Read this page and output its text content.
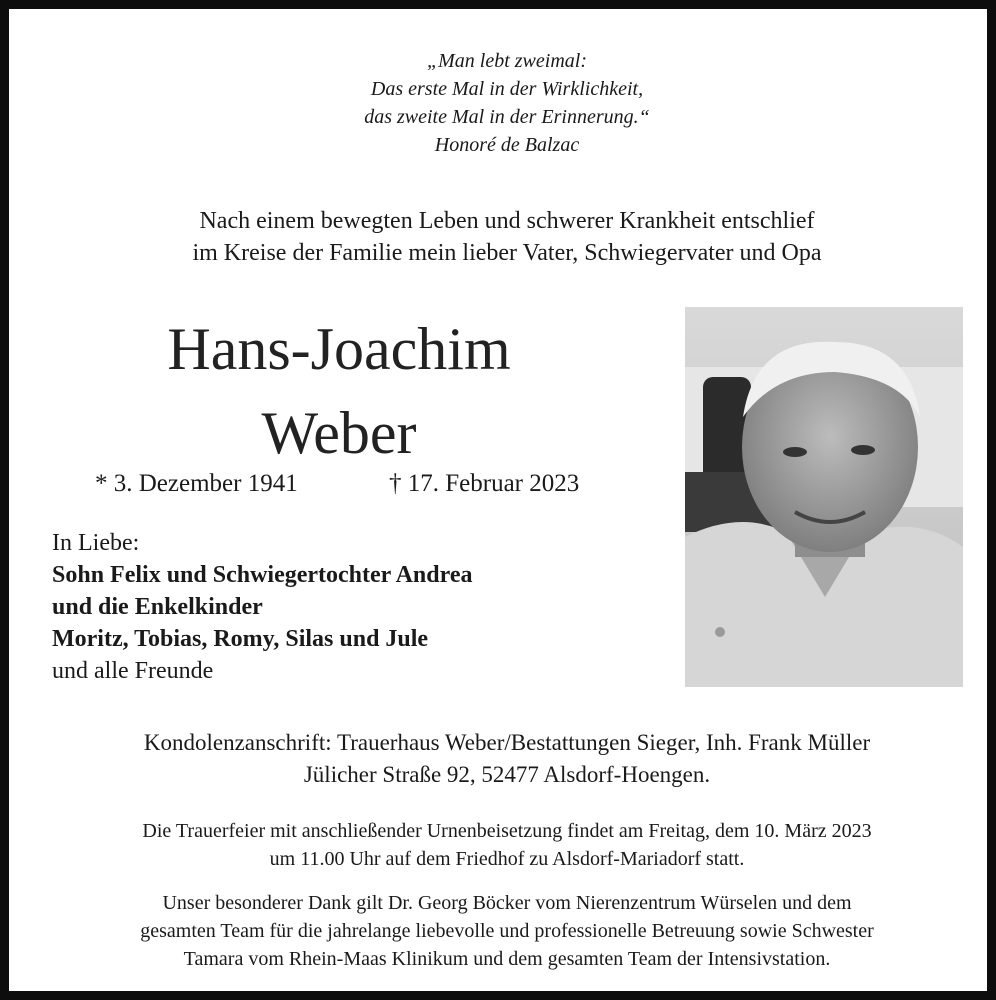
„Man lebt zweimal:
Das erste Mal in der Wirklichkeit,
das zweite Mal in der Erinnerung.“
Honoré de Balzac
Nach einem bewegten Leben und schwerer Krankheit entschlief
im Kreise der Familie mein lieber Vater, Schwiegervater und Opa
Hans-Joachim
Weber
* 3. Dezember 1941	† 17. Februar 2023
In Liebe:
Sohn Felix und Schwiegertochter Andrea
und die Enkelkinder
Moritz, Tobias, Romy, Silas und Jule
und alle Freunde
Kondolenzanschrift: Trauerhaus Weber/Bestattungen Sieger, Inh. Frank Müller
Jülicher Straße 92, 52477 Alsdorf-Hoengen.
Die Trauerfeier mit anschließender Urnenbeisetzung findet am Freitag, dem 10. März 2023
um 11.00 Uhr auf dem Friedhof zu Alsdorf-Mariadorf statt.
Unser besonderer Dank gilt Dr. Georg Böcker vom Nierenzentrum Würselen und dem
gesamten Team für die jahrelange liebevolle und professionelle Betreuung sowie Schwester
Tamara vom Rhein-Maas Klinikum und dem gesamten Team der Intensivstation.
